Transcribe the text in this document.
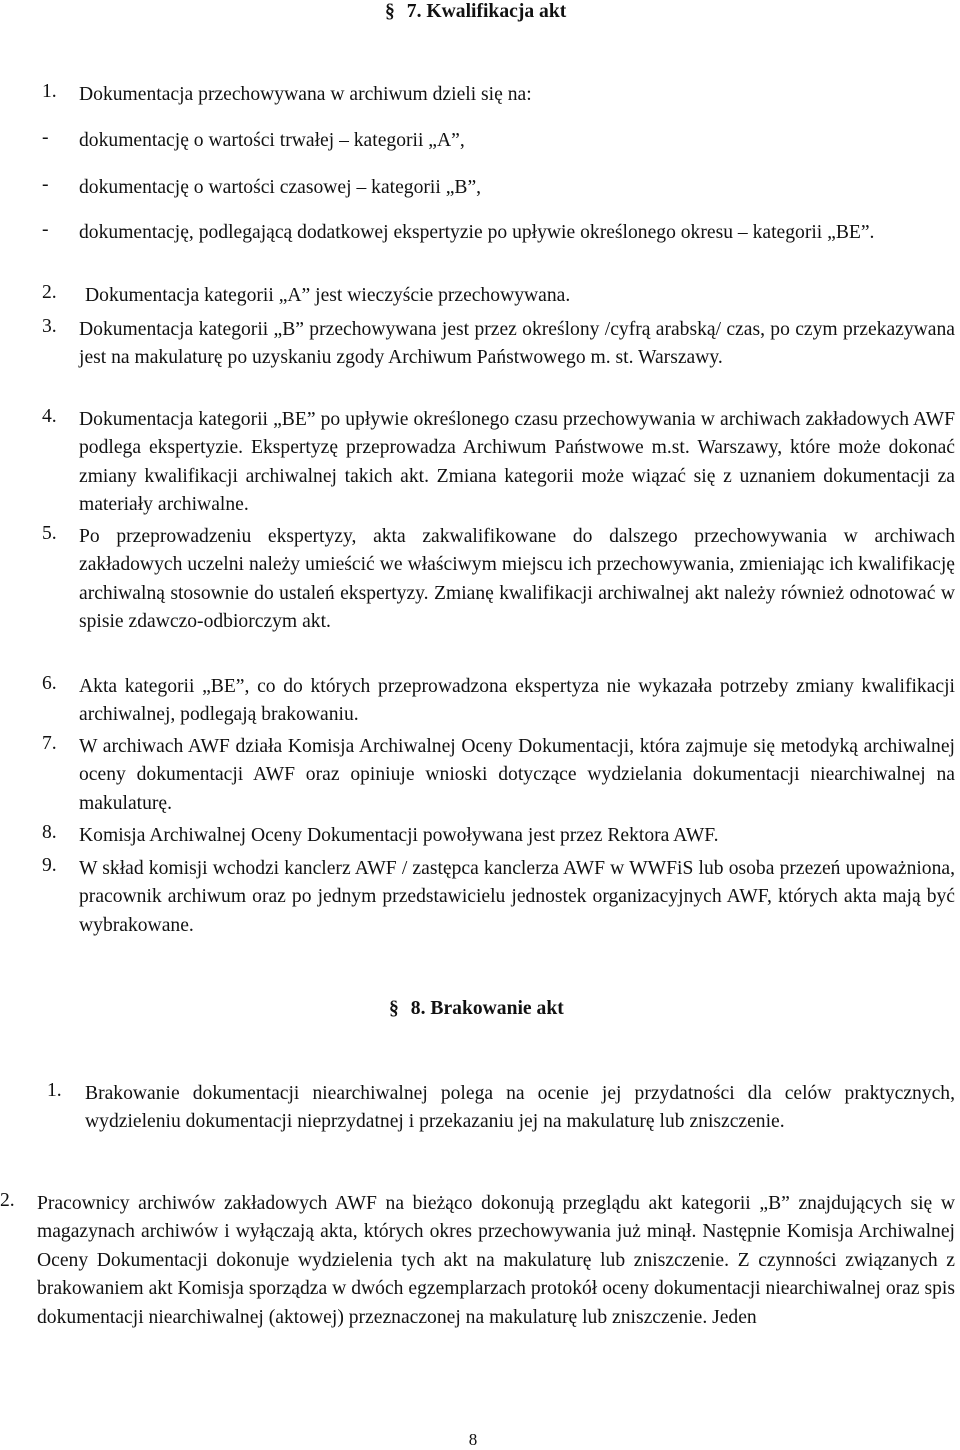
§ 7. Kwalifikacja akt
1. Dokumentacja przechowywana w archiwum dzieli się na:
- dokumentację o wartości trwałej – kategorii „A”,
- dokumentację o wartości czasowej – kategorii „B”,
- dokumentację, podlegającą dodatkowej ekspertyzie po upływie określonego okresu – kategorii „BE”.
2. Dokumentacja kategorii „A” jest wieczyście przechowywana.
3. Dokumentacja kategorii „B” przechowywana jest przez określony /cyfrą arabską/ czas, po czym przekazywana jest na makulaturę po uzyskaniu zgody Archiwum Państwowego m. st. Warszawy.
4. Dokumentacja kategorii „BE” po upływie określonego czasu przechowywania w archiwach zakładowych AWF podlega ekspertyzie. Ekspertyzę przeprowadza Archiwum Państwowe m.st. Warszawy, które może dokonać zmiany kwalifikacji archiwalnej takich akt. Zmiana kategorii może wiązać się z uznaniem dokumentacji za materiały archiwalne.
5. Po przeprowadzeniu ekspertyzy, akta zakwalifikowane do dalszego przechowywania w archiwach zakładowych uczelni należy umieścić we właściwym miejscu ich przechowywania, zmieniając ich kwalifikację archiwalną stosownie do ustaleń ekspertyzy. Zmianę kwalifikacji archiwalnej akt należy również odnotować w spisie zdawczo-odbiorczym akt.
6. Akta kategorii „BE”, co do których przeprowadzona ekspertyza nie wykazała potrzeby zmiany kwalifikacji archiwalnej, podlegają brakowaniu.
7. W archiwach AWF działa Komisja Archiwalnej Oceny Dokumentacji, która zajmuje się metodyką archiwalnej oceny dokumentacji AWF oraz opiniuje wnioski dotyczące wydzielania dokumentacji niearchiwalnej na makulaturę.
8. Komisja Archiwalnej Oceny Dokumentacji powoływana jest przez Rektora AWF.
9. W skład komisji wchodzi kanclerz AWF / zastępca kanclerza AWF w WWFiS lub osoba przezeń upoważniona, pracownik archiwum oraz po jednym przedstawicielu jednostek organizacyjnych AWF, których akta mają być wybrakowane.
§ 8. Brakowanie akt
1. Brakowanie dokumentacji niearchiwalnej polega na ocenie jej przydatności dla celów praktycznych, wydzieleniu dokumentacji nieprzydatnej i przekazaniu jej na makulaturę lub zniszczenie.
2. Pracownicy archiwów zakładowych AWF na bieżąco dokonują przeglądu akt kategorii „B” znajdujących się w magazynach archiwów i wyłączają akta, których okres przechowywania już minął. Następnie Komisja Archiwalnej Oceny Dokumentacji dokonuje wydzielenia tych akt na makulaturę lub zniszczenie. Z czynności związanych z brakowaniem akt Komisja sporządza w dwóch egzemplarzach protokół oceny dokumentacji niearchiwalnej oraz spis dokumentacji niearchiwalnej (aktowej) przeznaczonej na makulaturę lub zniszczenie. Jeden
8
